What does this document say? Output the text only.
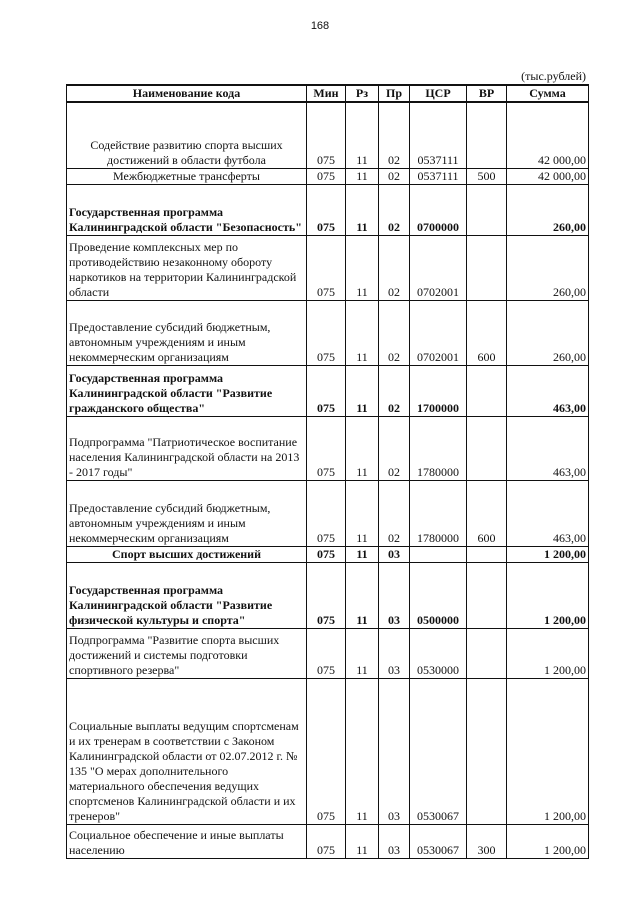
168
(тыс.рублей)
Наименование кода	Мин	Рз	Пр	ЦСР	ВР	Сумма
Содействие развитию спорта высших достижений в области футбола	075	11	02	0537111		42 000,00
Межбюджетные трансферты	075	11	02	0537111	500	42 000,00
Государственная программа Калининградской области "Безопасность"	075	11	02	0700000		260,00
Проведение комплексных мер по противодействию незаконному обороту наркотиков на территории Калининградской области	075	11	02	0702001		260,00
Предоставление субсидий бюджетным, автономным учреждениям и иным некоммерческим организациям	075	11	02	0702001	600	260,00
Государственная программа Калининградской области "Развитие гражданского общества"	075	11	02	1700000		463,00
Подпрограмма "Патриотическое воспитание населения Калининградской области на 2013 - 2017 годы"	075	11	02	1780000		463,00
Предоставление субсидий бюджетным, автономным учреждениям и иным некоммерческим организациям	075	11	02	1780000	600	463,00
Спорт высших достижений	075	11	03			1 200,00
Государственная программа Калининградской области "Развитие физической культуры и спорта"	075	11	03	0500000		1 200,00
Подпрограмма "Развитие спорта высших достижений и системы подготовки спортивного резерва"	075	11	03	0530000		1 200,00
Социальные выплаты ведущим спортсменам и их тренерам в соответствии с Законом Калининградской области от 02.07.2012 г. № 135 "О мерах дополнительного материального обеспечения ведущих спортсменов Калининградской области и их тренеров"	075	11	03	0530067		1 200,00
Социальное обеспечение и иные выплаты населению	075	11	03	0530067	300	1 200,00
